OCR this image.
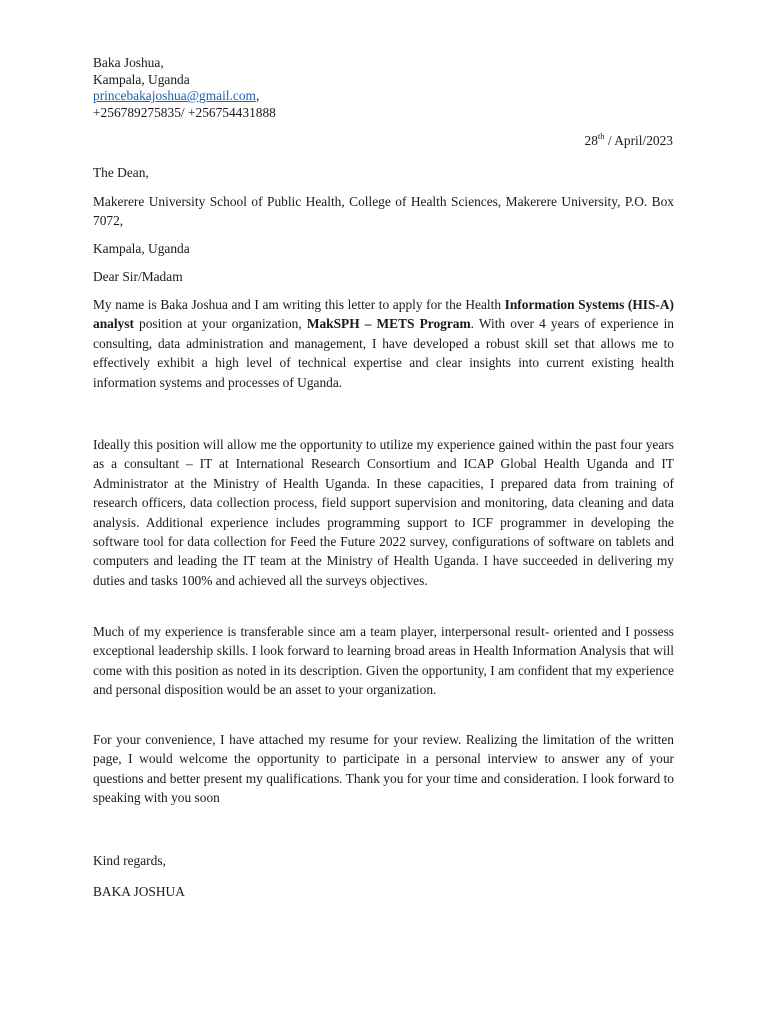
Baka Joshua,
Kampala, Uganda
princebakajoshua@gmail.com,
+256789275835/ +256754431888
28th / April/2023
The Dean,
Makerere University School of Public Health, College of Health Sciences, Makerere University, P.O. Box 7072,
Kampala, Uganda
Dear Sir/Madam
My name is Baka Joshua and I am writing this letter to apply for the Health Information Systems (HIS-A) analyst position at your organization, MakSPH – METS Program. With over 4 years of experience in consulting, data administration and management, I have developed a robust skill set that allows me to effectively exhibit a high level of technical expertise and clear insights into current existing health information systems and processes of Uganda.
Ideally this position will allow me the opportunity to utilize my experience gained within the past four years as a consultant – IT at International Research Consortium and ICAP Global Health Uganda and IT Administrator at the Ministry of Health Uganda. In these capacities, I prepared data from training of research officers, data collection process, field support supervision and monitoring, data cleaning and data analysis. Additional experience includes programming support to ICF programmer in developing the software tool for data collection for Feed the Future 2022 survey, configurations of software on tablets and computers and leading the IT team at the Ministry of Health Uganda. I have succeeded in delivering my duties and tasks 100% and achieved all the surveys objectives.
Much of my experience is transferable since am a team player, interpersonal result- oriented and I possess exceptional leadership skills. I look forward to learning broad areas in Health Information Analysis that will come with this position as noted in its description. Given the opportunity, I am confident that my experience and personal disposition would be an asset to your organization.
For your convenience, I have attached my resume for your review. Realizing the limitation of the written page, I would welcome the opportunity to participate in a personal interview to answer any of your questions and better present my qualifications. Thank you for your time and consideration. I look forward to speaking with you soon
Kind regards,
BAKA JOSHUA
